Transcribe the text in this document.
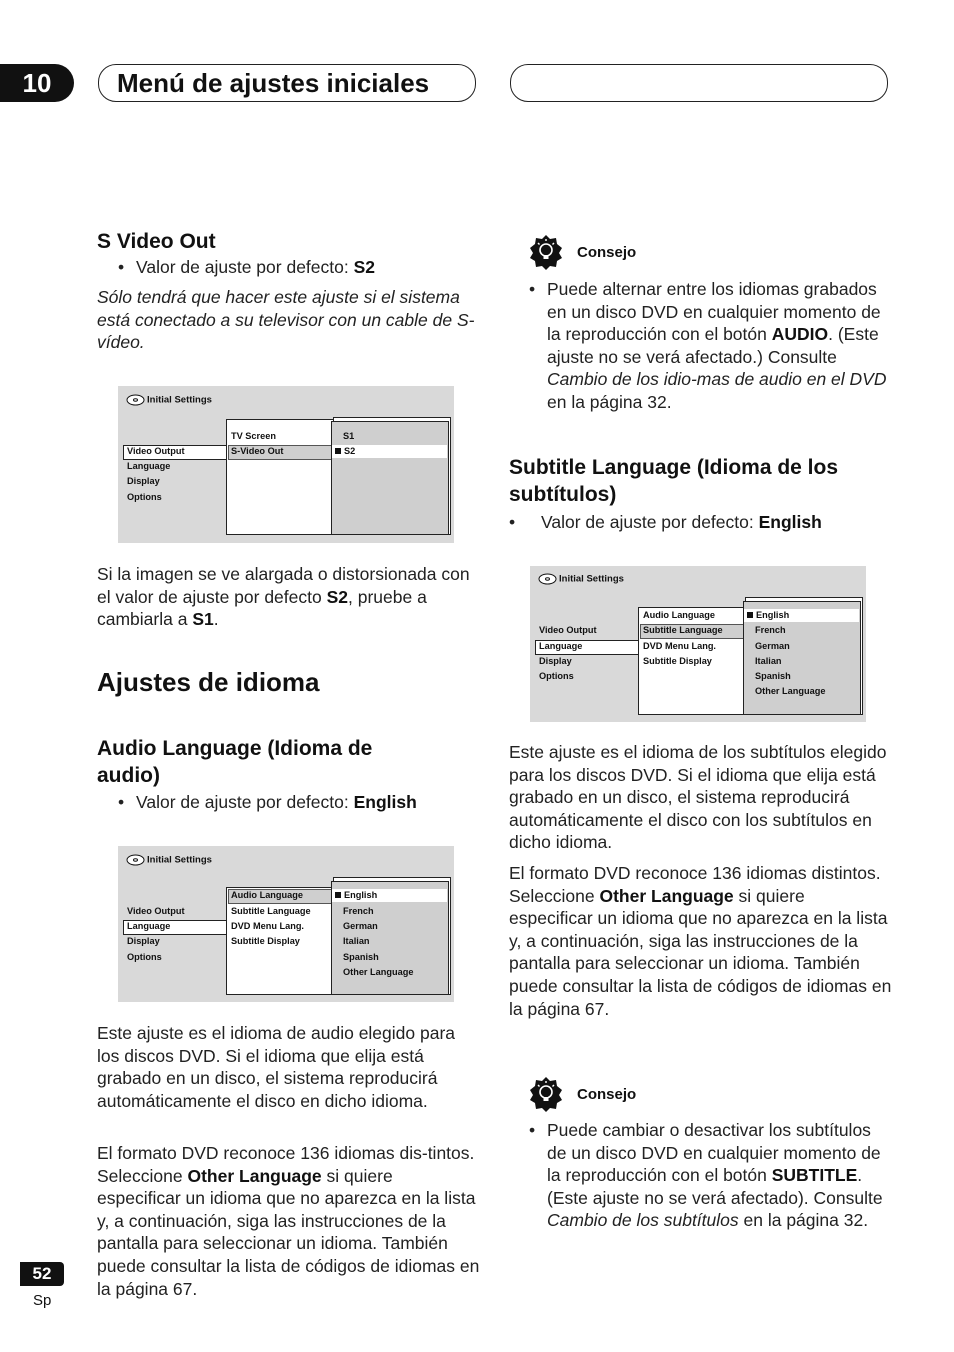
10	Menú de ajustes iniciales
S Video Out
• Valor de ajuste por defecto: S2
Sólo tendrá que hacer este ajuste si el sistema está conectado a su televisor con un cable de S-vídeo.
Initial Settings
Video Output
Language
Display
Options
TV Screen
S-Video Out
S1
S2
Si la imagen se ve alargada o distorsionada con el valor de ajuste por defecto S2, pruebe a cambiarla a S1.
Ajustes de idioma
Audio Language (Idioma de
audio)
• Valor de ajuste por defecto: English
Initial Settings
Video Output
Language
Display
Options
Audio Language
Subtitle Language
DVD Menu Lang.
Subtitle Display
English
French
German
Italian
Spanish
Other Language
Este ajuste es el idioma de audio elegido para los discos DVD. Si el idioma que elija está grabado en un disco, el sistema reproducirá automáticamente el disco en dicho idioma.
El formato DVD reconoce 136 idiomas dis-tintos. Seleccione Other Language si quiere especificar un idioma que no aparezca en la lista y, a continuación, siga las instrucciones de la pantalla para seleccionar un idioma. También puede consultar la lista de códigos de idiomas en la página 67.
Consejo
• Puede alternar entre los idiomas grabados en un disco DVD en cualquier momento de la reproducción con el botón AUDIO. (Este ajuste no se verá afectado.) Consulte Cambio de los idio-mas de audio en el DVD en la página 32.
Subtitle Language (Idioma de los
subtítulos)
• Valor de ajuste por defecto: English
Initial Settings
Video Output
Language
Display
Options
Audio Language
Subtitle Language
DVD Menu Lang.
Subtitle Display
English
French
German
Italian
Spanish
Other Language
Este ajuste es el idioma de los subtítulos elegido para los discos DVD. Si el idioma que elija está grabado en un disco, el sistema reproducirá automáticamente el disco con los subtítulos en dicho idioma.
El formato DVD reconoce 136 idiomas distintos. Seleccione Other Language si quiere especificar un idioma que no aparezca en la lista y, a continuación, siga las instrucciones de la pantalla para seleccionar un idioma. También puede consultar la lista de códigos de idiomas en la página 67.
Consejo
• Puede cambiar o desactivar los subtítulos de un disco DVD en cualquier momento de la reproducción con el botón SUBTITLE. (Este ajuste no se verá afectado). Consulte Cambio de los subtítulos en la página 32.
52
Sp
